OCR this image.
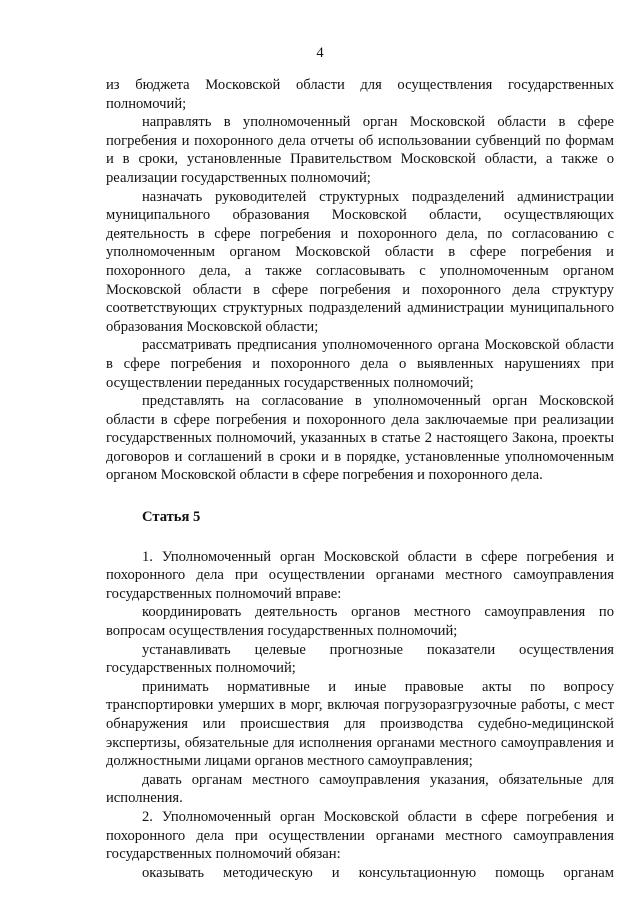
4
из бюджета Московской области для осуществления государственных полномочий;
направлять в уполномоченный орган Московской области в сфере погребения и похоронного дела отчеты об использовании субвенций по формам и в сроки, установленные Правительством Московской области, а также о реализации государственных полномочий;
назначать руководителей структурных подразделений администрации муниципального образования Московской области, осуществляющих деятельность в сфере погребения и похоронного дела, по согласованию с уполномоченным органом Московской области в сфере погребения и похоронного дела, а также согласовывать с уполномоченным органом Московской области в сфере погребения и похоронного дела структуру соответствующих структурных подразделений администрации муниципального образования Московской области;
рассматривать предписания уполномоченного органа Московской области в сфере погребения и похоронного дела о выявленных нарушениях при осуществлении переданных государственных полномочий;
представлять на согласование в уполномоченный орган Московской области в сфере погребения и похоронного дела заключаемые при реализации государственных полномочий, указанных в статье 2 настоящего Закона, проекты договоров и соглашений в сроки и в порядке, установленные уполномоченным органом Московской области в сфере погребения и похоронного дела.
Статья 5
1. Уполномоченный орган Московской области в сфере погребения и похоронного дела при осуществлении органами местного самоуправления государственных полномочий вправе:
координировать деятельность органов местного самоуправления по вопросам осуществления государственных полномочий;
устанавливать целевые прогнозные показатели осуществления государственных полномочий;
принимать нормативные и иные правовые акты по вопросу транспортировки умерших в морг, включая погрузоразгрузочные работы, с мест обнаружения или происшествия для производства судебно-медицинской экспертизы, обязательные для исполнения органами местного самоуправления и должностными лицами органов местного самоуправления;
давать органам местного самоуправления указания, обязательные для исполнения.
2. Уполномоченный орган Московской области в сфере погребения и похоронного дела при осуществлении органами местного самоуправления государственных полномочий обязан:
оказывать методическую и консультационную помощь органам
